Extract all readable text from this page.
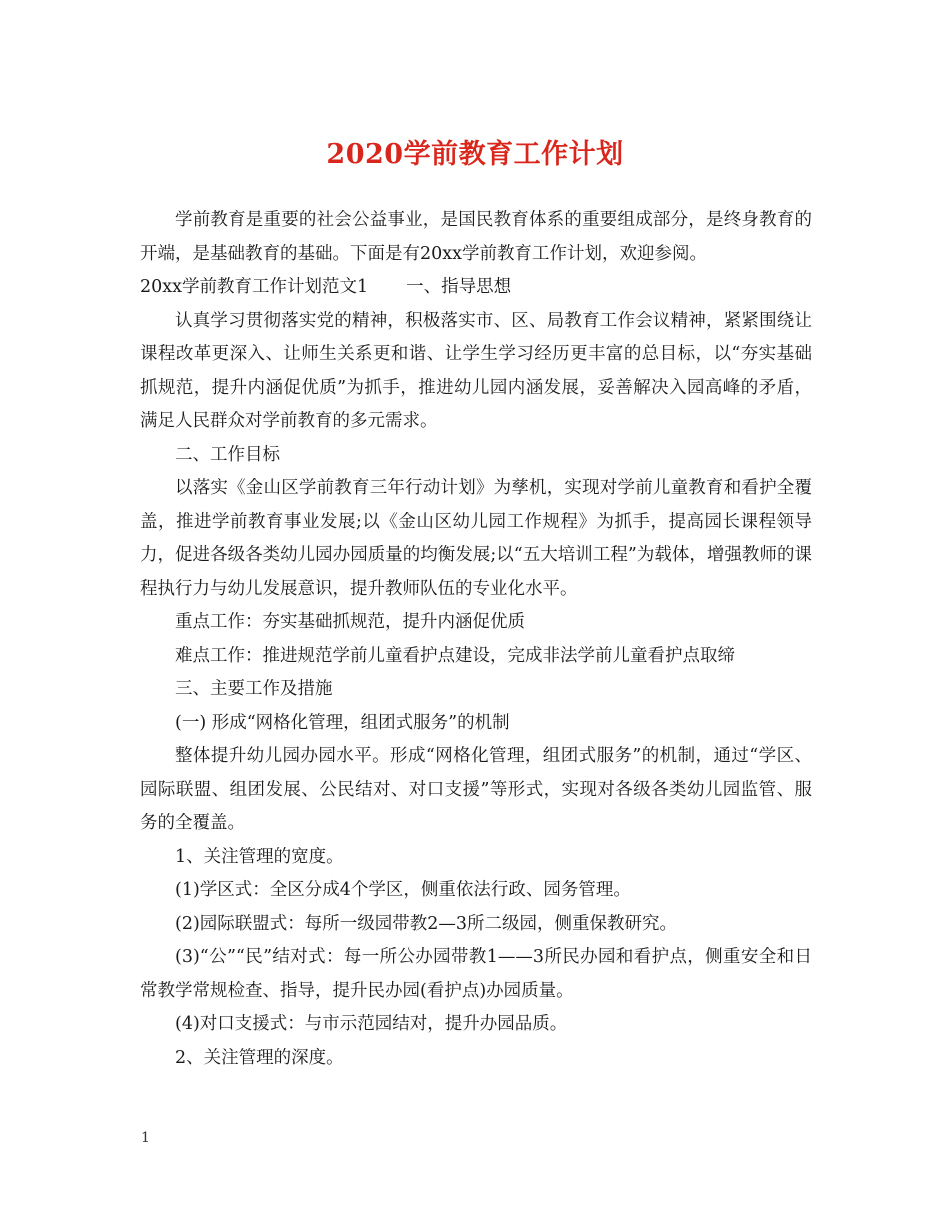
2020学前教育工作计划

学前教育是重要的社会公益事业，是国民教育体系的重要组成部分，是终身教育的开端，是基础教育的基础。下面是有20xx学前教育工作计划，欢迎参阅。

20xx学前教育工作计划范文1 一、指导思想

认真学习贯彻落实党的精神，积极落实市、区、局教育工作会议精神，紧紧围绕让课程改革更深入、让师生关系更和谐、让学生学习经历更丰富的总目标，以“夯实基础抓规范，提升内涵促优质”为抓手，推进幼儿园内涵发展，妥善解决入园高峰的矛盾，满足人民群众对学前教育的多元需求。

二、工作目标

以落实《金山区学前教育三年行动计划》为孳机，实现对学前儿童教育和看护全覆盖，推进学前教育事业发展;以《金山区幼儿园工作规程》为抓手，提高园长课程领导力，促进各级各类幼儿园办园质量的均衡发展;以“五大培训工程”为载体，增强教师的课程执行力与幼儿发展意识，提升教师队伍的专业化水平。

重点工作：夯实基础抓规范，提升内涵促优质

难点工作：推进规范学前儿童看护点建设，完成非法学前儿童看护点取缔

三、主要工作及措施

(一) 形成“网格化管理，组团式服务”的机制

整体提升幼儿园办园水平。形成“网格化管理，组团式服务”的机制，通过“学区、园际联盟、组团发展、公民结对、对口支援”等形式，实现对各级各类幼儿园监管、服务的全覆盖。

1、关注管理的宽度。

(1)学区式：全区分成4个学区，侧重依法行政、园务管理。

(2)园际联盟式：每所一级园带教2—3所二级园，侧重保教研究。

(3)“公”“民”结对式：每一所公办园带教1——3所民办园和看护点，侧重安全和日常教学常规检查、指导，提升民办园(看护点)办园质量。

(4)对口支援式：与市示范园结对，提升办园品质。

2、关注管理的深度。

1
